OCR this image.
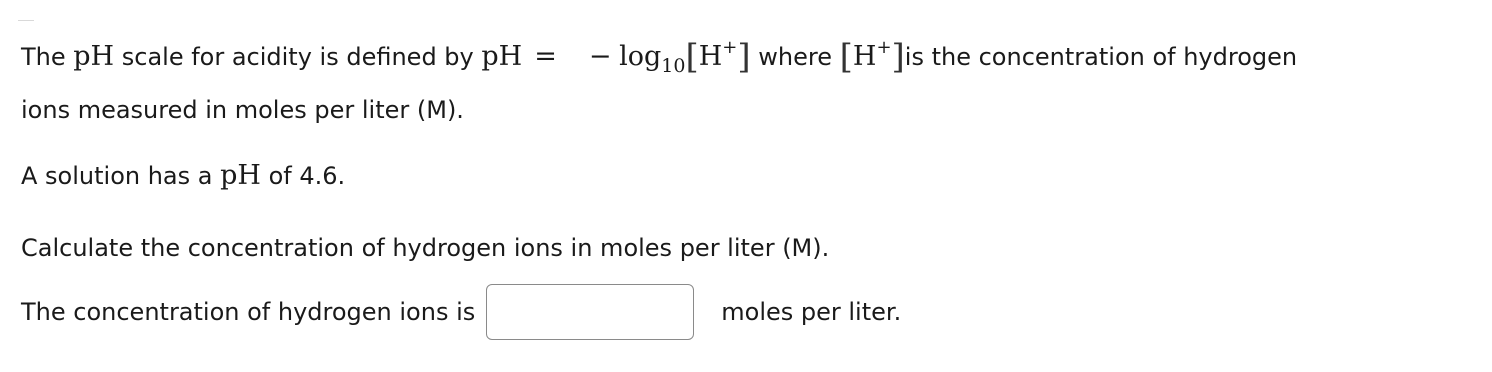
The pH scale for acidity is defined by pH = − $\log_{10}[H^+]$ where [H+]is the concentration of hydrogen
ions measured in moles per liter (M).

A solution has a pH of 4.6.

Calculate the concentration of hydrogen ions in moles per liter (M).

The concentration of hydrogen ions is	moles per liter.
